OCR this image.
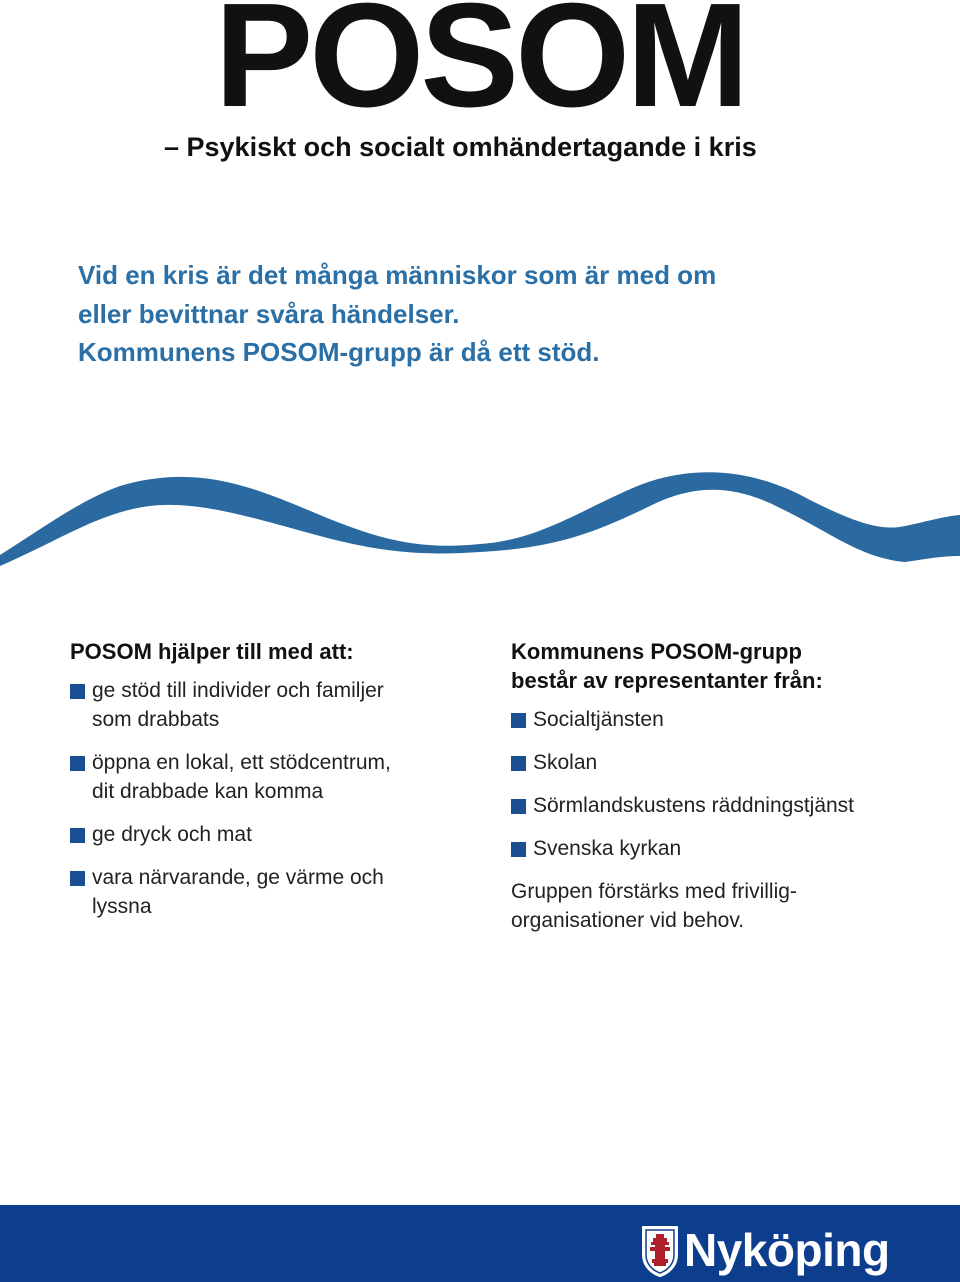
POSOM
– Psykiskt och socialt omhändertagande i kris
Vid en kris är det många människor som är med om
eller bevittnar svåra händelser.
Kommunens POSOM-grupp är då ett stöd.
POSOM hjälper till med att:
ge stöd till individer och familjer
som drabbats
öppna en lokal, ett stödcentrum,
dit drabbade kan komma
ge dryck och mat
vara närvarande, ge värme och
lyssna
Kommunens POSOM-grupp
består av representanter från:
Socialtjänsten
Skolan
Sörmlandskustens räddningstjänst
Svenska kyrkan
Gruppen förstärks med frivillig-
organisationer vid behov.
Nyköping
